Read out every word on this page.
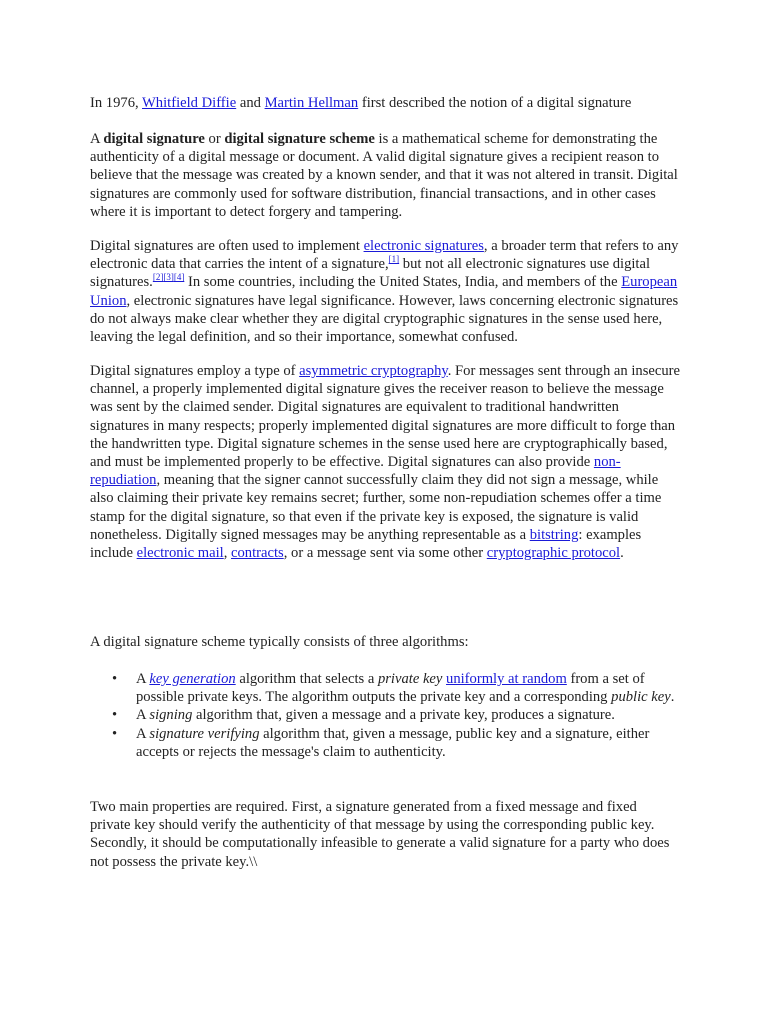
In 1976, Whitfield Diffie and Martin Hellman first described the notion of a digital signature

A digital signature or digital signature scheme is a mathematical scheme for demonstrating the authenticity of a digital message or document. A valid digital signature gives a recipient reason to believe that the message was created by a known sender, and that it was not altered in transit. Digital signatures are commonly used for software distribution, financial transactions, and in other cases where it is important to detect forgery and tampering.

Digital signatures are often used to implement electronic signatures, a broader term that refers to any electronic data that carries the intent of a signature,[1] but not all electronic signatures use digital signatures.[2][3][4] In some countries, including the United States, India, and members of the European Union, electronic signatures have legal significance. However, laws concerning electronic signatures do not always make clear whether they are digital cryptographic signatures in the sense used here, leaving the legal definition, and so their importance, somewhat confused.

Digital signatures employ a type of asymmetric cryptography. For messages sent through an insecure channel, a properly implemented digital signature gives the receiver reason to believe the message was sent by the claimed sender. Digital signatures are equivalent to traditional handwritten signatures in many respects; properly implemented digital signatures are more difficult to forge than the handwritten type. Digital signature schemes in the sense used here are cryptographically based, and must be implemented properly to be effective. Digital signatures can also provide non-repudiation, meaning that the signer cannot successfully claim they did not sign a message, while also claiming their private key remains secret; further, some non-repudiation schemes offer a time stamp for the digital signature, so that even if the private key is exposed, the signature is valid nonetheless. Digitally signed messages may be anything representable as a bitstring: examples include electronic mail, contracts, or a message sent via some other cryptographic protocol.

A digital signature scheme typically consists of three algorithms:

• A key generation algorithm that selects a private key uniformly at random from a set of possible private keys. The algorithm outputs the private key and a corresponding public key.
• A signing algorithm that, given a message and a private key, produces a signature.
• A signature verifying algorithm that, given a message, public key and a signature, either accepts or rejects the message's claim to authenticity.

Two main properties are required. First, a signature generated from a fixed message and fixed private key should verify the authenticity of that message by using the corresponding public key. Secondly, it should be computationally infeasible to generate a valid signature for a party who does not possess the private key.\\
